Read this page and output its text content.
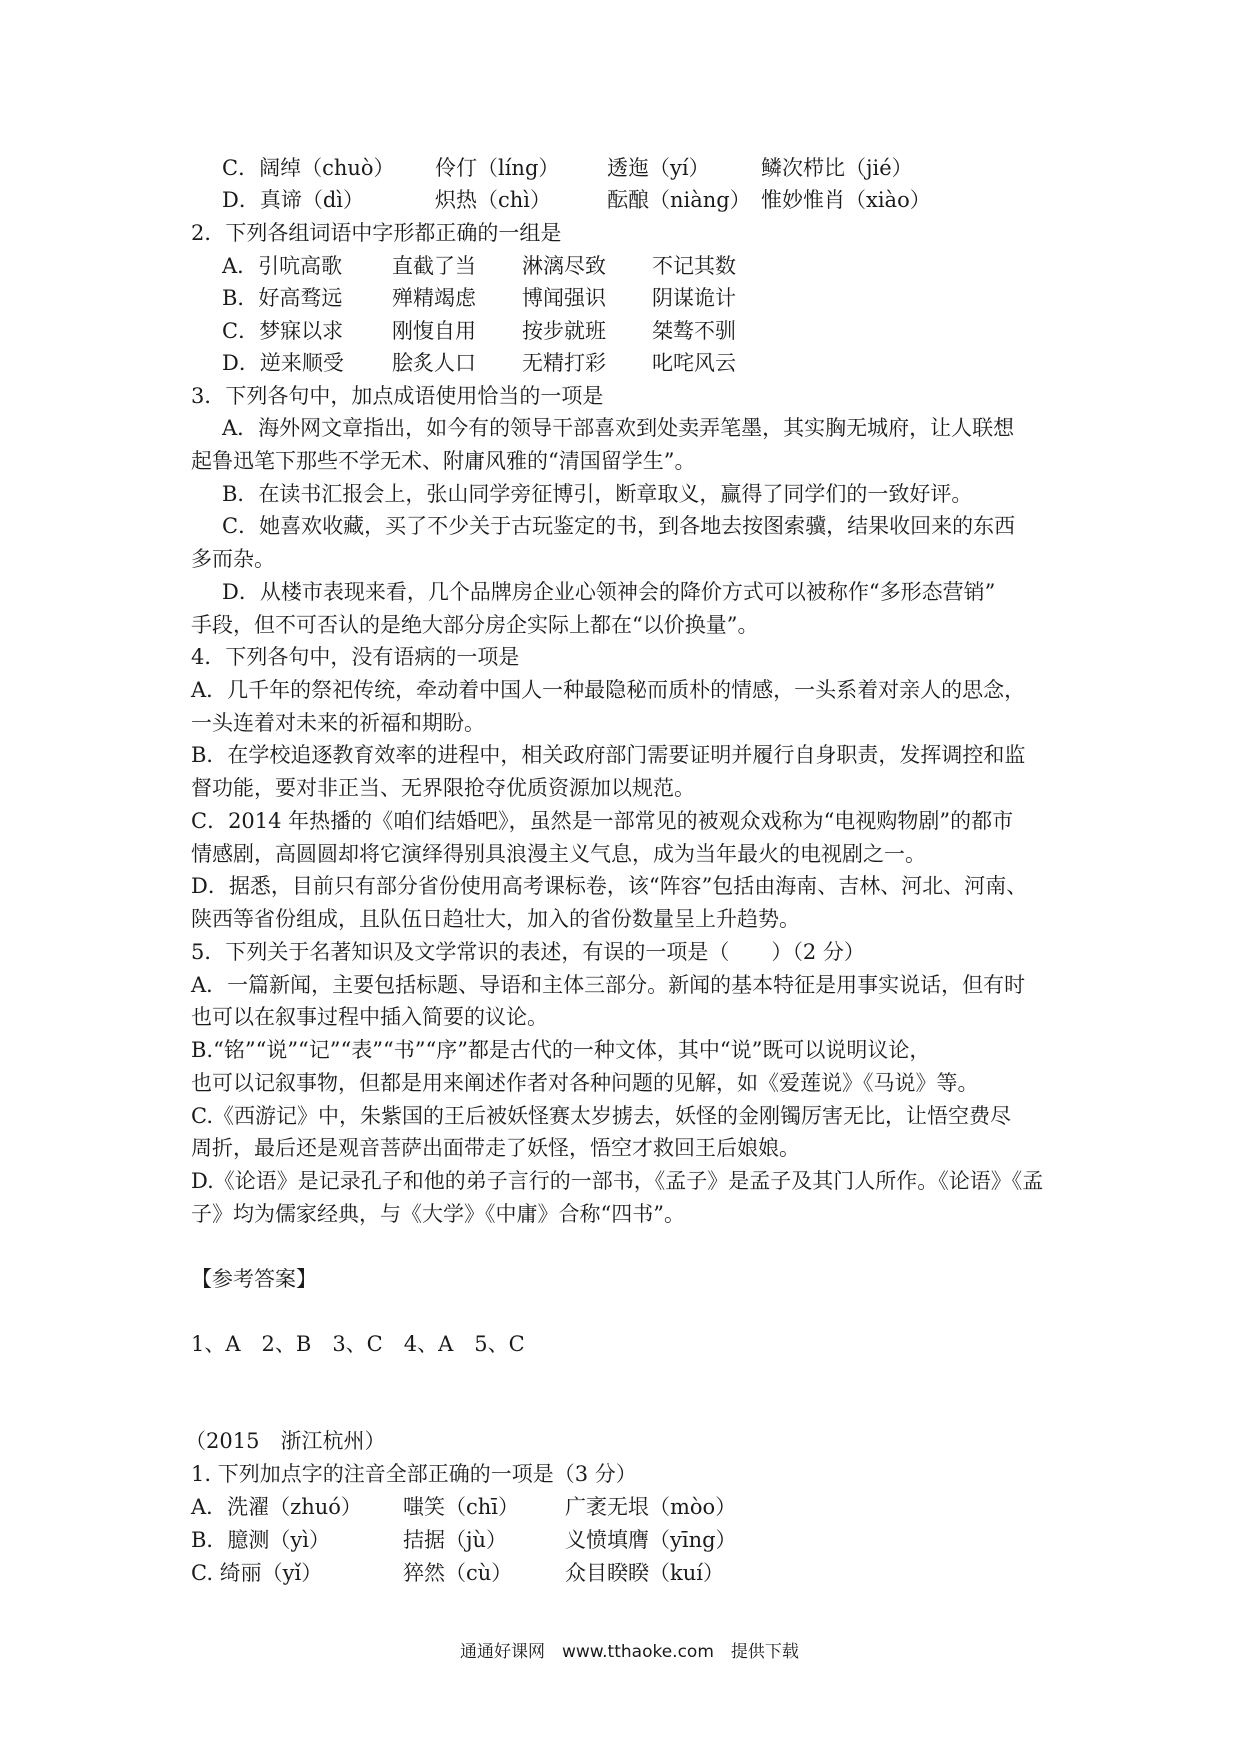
C．阔绰（chuò） 伶仃（líng） 透迤（yí） 鳞次栉比（jié）
D．真谛（dì）	炽热（chì）	酝酿（niàng） 惟妙惟肖（xiào）
2．下列各组词语中字形都正确的一组是
A．引吭高歌 直截了当 淋漓尽致 不记其数
B．好高骛远 殚精竭虑 博闻强识 阴谋诡计
C．梦寐以求 刚愎自用 按步就班 桀骜不驯
D．逆来顺受 脍炙人口 无精打彩 叱咤风云
3．下列各句中，加点成语使用恰当的一项是
A．海外网文章指出，如今有的领导干部喜欢到处卖弄笔墨，其实胸无城府，让人联想
起鲁迅笔下那些不学无术、附庸风雅的“清国留学生”。
B．在读书汇报会上，张山同学旁征博引，断章取义，赢得了同学们的一致好评。
C．她喜欢收藏，买了不少关于古玩鉴定的书，到各地去按图索骥，结果收回来的东西
多而杂。
D．从楼市表现来看，几个品牌房企业心领神会的降价方式可以被称作“多形态营销”
手段，但不可否认的是绝大部分房企实际上都在“以价换量”。
4．下列各句中，没有语病的一项是
A．几千年的祭祀传统，牵动着中国人一种最隐秘而质朴的情感，一头系着对亲人的思念，
一头连着对未来的祈福和期盼。
B．在学校追逐教育效率的进程中，相关政府部门需要证明并履行自身职责，发挥调控和监
督功能，要对非正当、无界限抢夺优质资源加以规范。
C．2014 年热播的《咱们结婚吧》，虽然是一部常见的被观众戏称为“电视购物剧”的都市
情感剧，高圆圆却将它演绎得别具浪漫主义气息，成为当年最火的电视剧之一。
D．据悉，目前只有部分省份使用高考课标卷，该“阵容”包括由海南、吉林、河北、河南、
陕西等省份组成，且队伍日趋壮大，加入的省份数量呈上升趋势。
5．下列关于名著知识及文学常识的表述，有误的一项是（　　）（2 分）
A．一篇新闻，主要包括标题、导语和主体三部分。新闻的基本特征是用事实说话，但有时
也可以在叙事过程中插入简要的议论。
B.“铭”“说”“记”“表”“书”“序”都是古代的一种文体，其中“说”既可以说明议论，
也可以记叙事物，但都是用来阐述作者对各种问题的见解，如《爱莲说》《马说》等。
C.《西游记》中，朱紫国的王后被妖怪赛太岁掳去，妖怪的金刚镯厉害无比，让悟空费尽
周折，最后还是观音菩萨出面带走了妖怪，悟空才救回王后娘娘。
D.《论语》是记录孔子和他的弟子言行的一部书，《孟子》是孟子及其门人所作。《论语》《孟
子》均为儒家经典，与《大学》《中庸》合称“四书”。
【参考答案】
1、A　2、B　3、C　4、A　5、C
（2015　浙江杭州）
1. 下列加点字的注音全部正确的一项是（3 分）
A．洗濯（zhuó） 嗤笑（chī） 广袤无垠（mòo）
B．臆测（yì）	拮据（jù）	义愤填膺（yīng）
C. 绮丽（yǐ）	猝然（cù）	众目睽睽（kuí）
通通好课网　www.tthaoke.com　提供下载
